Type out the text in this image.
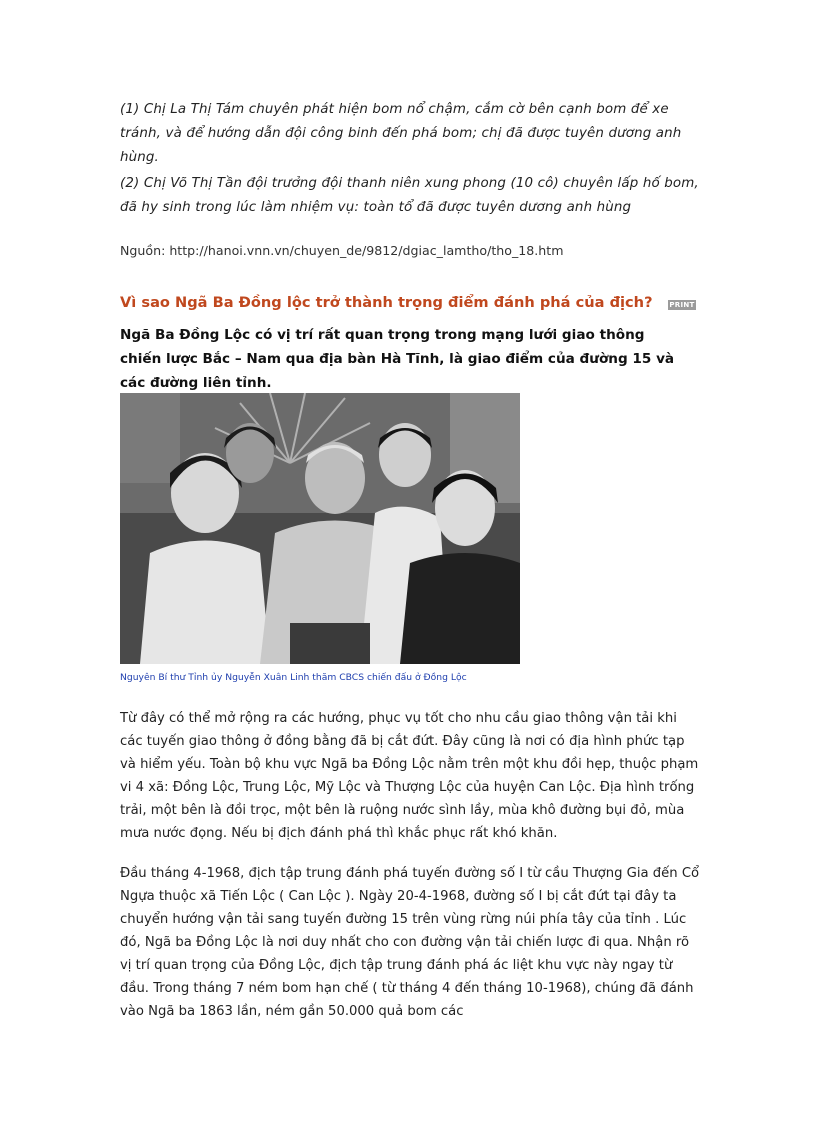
(1) Chị La Thị Tám chuyên phát hiện bom nổ chậm, cắm cờ bên cạnh bom để xe tránh, và để hướng dẫn đội công binh đến phá bom; chị đã được tuyên dương anh hùng.

(2) Chị Võ Thị Tần đội trưởng đội thanh niên xung phong (10 cô) chuyên lấp hố bom, đã hy sinh trong lúc làm nhiệm vụ: toàn tổ đã được tuyên dương anh hùng

Nguồn: http://hanoi.vnn.vn/chuyen_de/9812/dgiac_lamtho/tho_18.htm
Vì sao Ngã Ba Đồng lộc trở thành trọng điểm đánh phá của địch?	PRINT
Ngã Ba Đồng Lộc có vị trí rất quan trọng trong mạng lưới giao thông chiến lược Bắc – Nam qua địa bàn Hà Tĩnh, là giao điểm của đường 15 và các đường liên tỉnh.
Nguyên Bí thư Tỉnh ủy Nguyễn Xuân Linh thăm CBCS chiến đấu ở Đồng Lộc

Từ đây có thể mở rộng ra các hướng, phục vụ tốt cho nhu cầu giao thông vận tải khi các tuyến giao thông ở đồng bằng đã bị cắt đứt. Đây cũng là nơi có địa hình phức tạp và hiểm yếu. Toàn bộ khu vực Ngã ba Đồng Lộc nằm trên một khu đồi hẹp, thuộc phạm vi 4 xã: Đồng Lộc, Trung Lộc, Mỹ Lộc và Thượng Lộc của huyện Can Lộc. Địa hình trống trải, một bên là đồi trọc, một bên là ruộng nước sình lầy, mùa khô đường bụi đỏ, mùa mưa nước đọng. Nếu bị địch đánh phá thì khắc phục rất khó khăn.

Đầu tháng 4-1968, địch tập trung đánh phá tuyến đường số I từ cầu Thượng Gia đến Cổ Ngựa thuộc xã Tiến Lộc ( Can Lộc ). Ngày 20-4-1968, đường số I bị cắt đứt tại đây ta chuyển hướng vận tải sang tuyến đường 15 trên vùng rừng núi phía tây của tỉnh . Lúc đó, Ngã ba Đồng Lộc là nơi duy nhất cho con đường vận tải chiến lược đi qua. Nhận rõ vị trí quan trọng của Đồng Lộc, địch tập trung đánh phá ác liệt khu vực này ngay từ đầu. Trong tháng 7 ném bom hạn chế ( từ tháng 4 đến tháng 10-1968), chúng đã đánh vào Ngã ba 1863 lần, ném gần 50.000 quả bom các
